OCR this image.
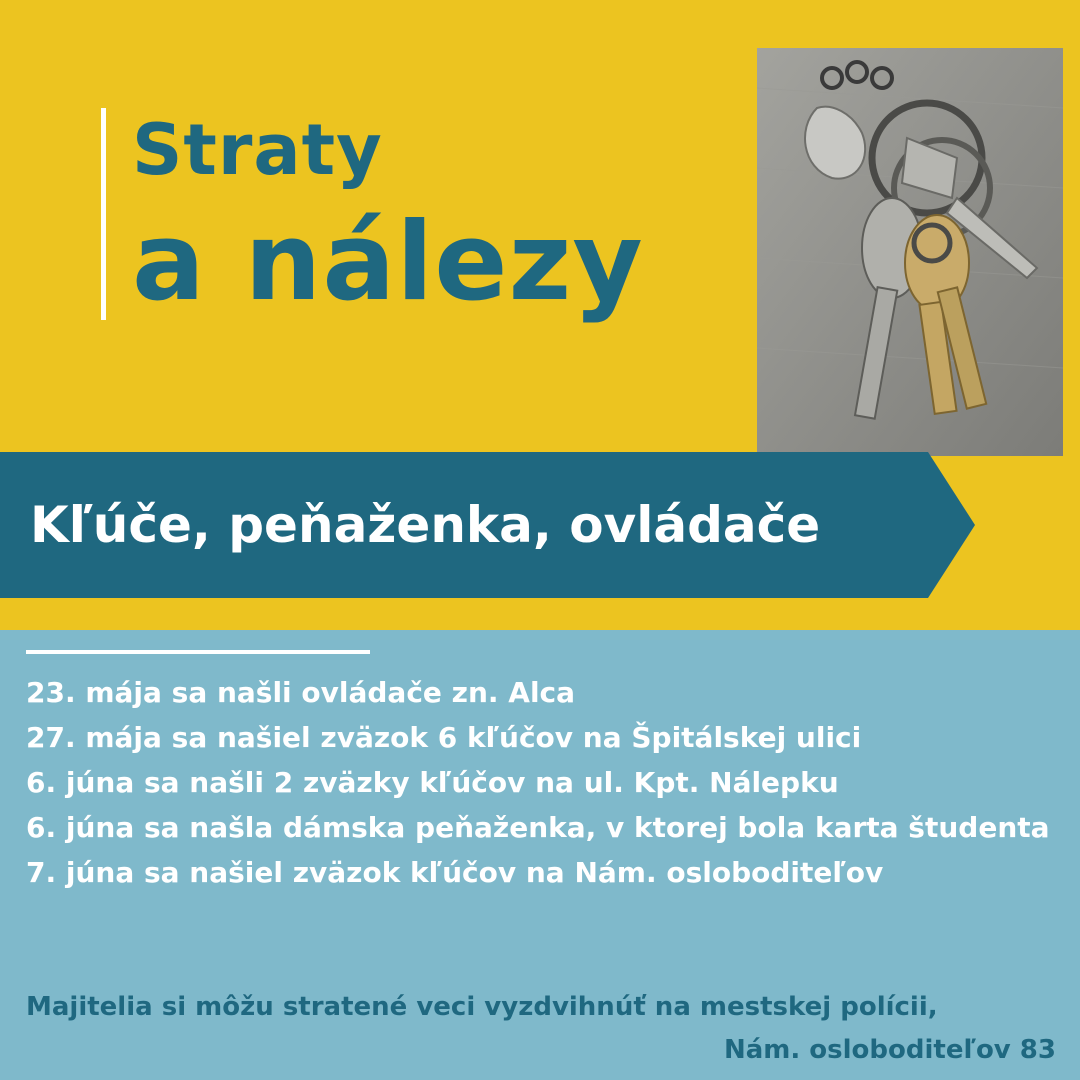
Straty
a nálezy
Kľúče, peňaženka, ovládače
23. mája sa našli ovládače zn. Alca
27. mája sa našiel zväzok 6 kľúčov na Špitálskej ulici
6. júna sa našli 2 zväzky kľúčov na ul. Kpt. Nálepku
6. júna sa našla dámska peňaženka, v ktorej bola karta študenta
7. júna sa našiel zväzok kľúčov na Nám. osloboditeľov
Majitelia si môžu stratené veci vyzdvihnúť na mestskej polícii,
Nám. osloboditeľov 83
